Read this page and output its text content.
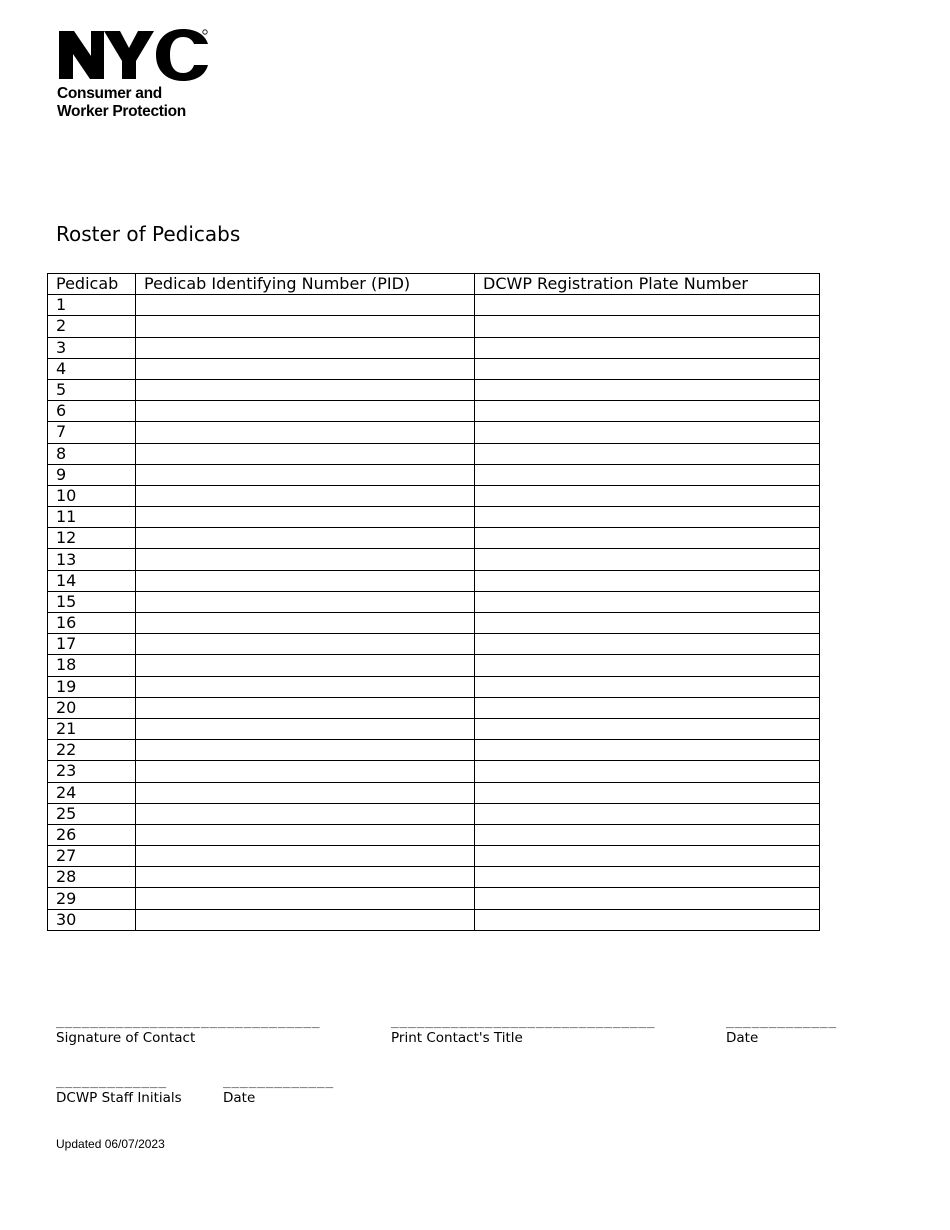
Consumer and
Worker Protection
Roster of Pedicabs
Pedicab	Pedicab Identifying Number (PID)	DCWP Registration Plate Number
1		
2		
3		
4		
5		
6		
7		
8		
9		
10		
11		
12		
13		
14		
15		
16		
17		
18		
19		
20		
21		
22		
23		
24		
25		
26		
27		
28		
29		
30		
_______________________________
Signature of Contact
_______________________________
Print Contact's Title
_____________
Date
_____________
DCWP Staff Initials
_____________
Date
Updated 06/07/2023
